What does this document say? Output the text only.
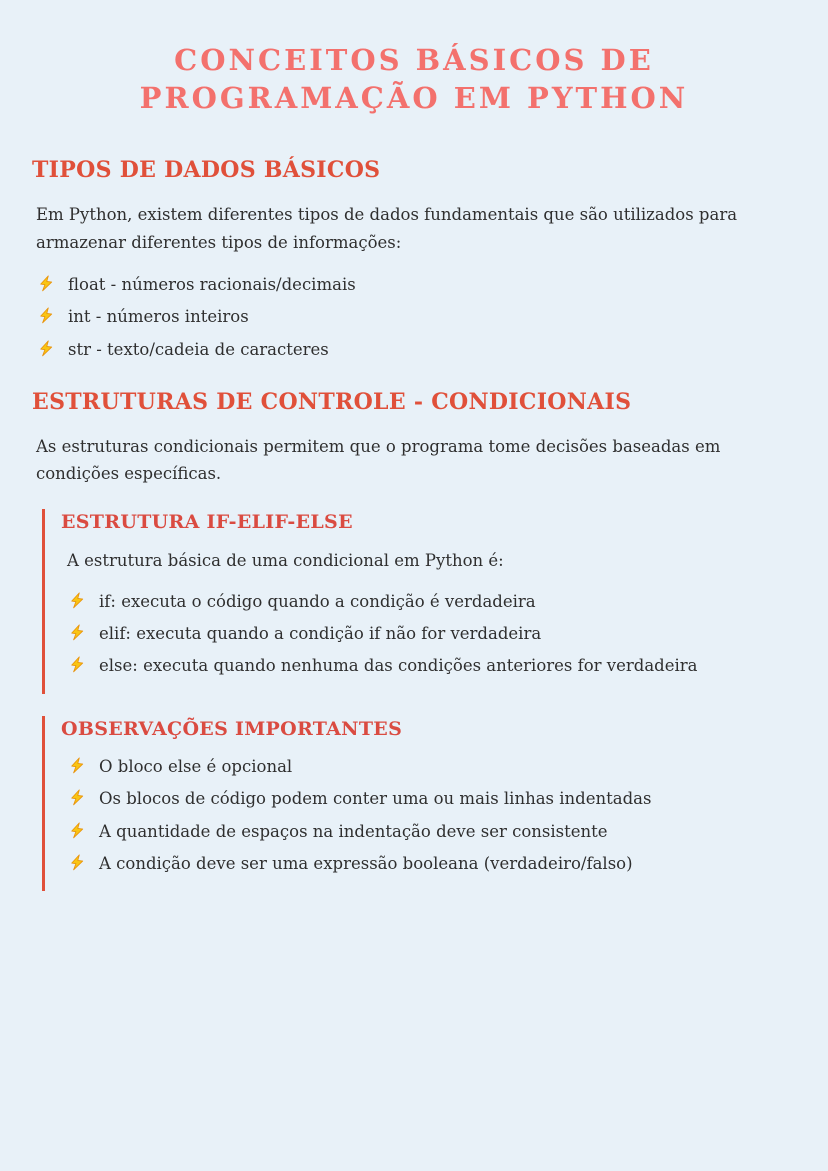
CONCEITOS BÁSICOS DE PROGRAMAÇÃO EM PYTHON
TIPOS DE DADOS BÁSICOS

Em Python, existem diferentes tipos de dados fundamentais que são utilizados para armazenar diferentes tipos de informações:

float - números racionais/decimais
int - números inteiros
str - texto/cadeia de caracteres
ESTRUTURAS DE CONTROLE - CONDICIONAIS

As estruturas condicionais permitem que o programa tome decisões baseadas em condições específicas.

ESTRUTURA IF-ELIF-ELSE

A estrutura básica de uma condicional em Python é:

if: executa o código quando a condição é verdadeira
elif: executa quando a condição if não for verdadeira
else: executa quando nenhuma das condições anteriores for verdadeira
OBSERVAÇÕES IMPORTANTES
O bloco else é opcional
Os blocos de código podem conter uma ou mais linhas indentadas
A quantidade de espaços na indentação deve ser consistente
A condição deve ser uma expressão booleana (verdadeiro/falso)
